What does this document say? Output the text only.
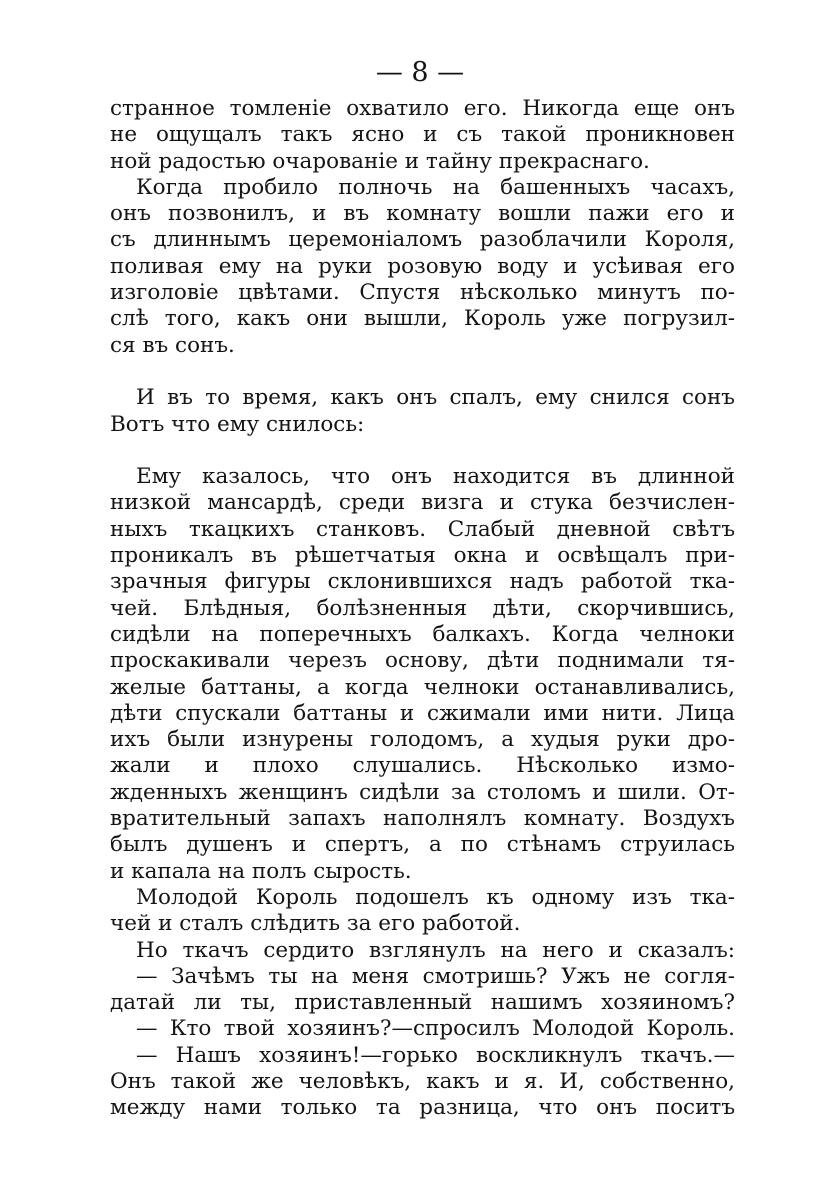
— 8 —
странное томленіе охватило его. Никогда еще онъ
не ощущалъ такъ ясно и съ такой проникновен
ной радостью очарованіе и тайну прекраснаго.
Когда пробило полночь на башенныхъ часахъ,
онъ позвонилъ, и въ комнату вошли пажи его и
съ длиннымъ церемоніаломъ разоблачили Короля,
поливая ему на руки розовую воду и усѣивая его
изголовіе цвѣтами. Спустя нѣсколько минутъ по-
слѣ того, какъ они вышли, Король уже погрузил-
ся въ сонъ.
И въ то время, какъ онъ спалъ, ему снился сонъ
Вотъ что ему снилось:
Ему казалось, что онъ находится въ длинной
низкой мансардѣ, среди визга и стука безчислен-
ныхъ ткацкихъ станковъ. Слабый дневной свѣтъ
проникалъ въ рѣшетчатыя окна и освѣщалъ при-
зрачныя фигуры склонившихся надъ работой тка-
чей. Блѣдныя, болѣзненныя дѣти, скорчившись,
сидѣли на поперечныхъ балкахъ. Когда челноки
проскакивали черезъ основу, дѣти поднимали тя-
желые баттаны, а когда челноки останавливались,
дѣти спускали баттаны и сжимали ими нити. Лица
ихъ были изнурены голодомъ, а худыя руки дро-
жали и плохо слушались. Нѣсколько измо-
жденныхъ женщинъ сидѣли за столомъ и шили. От-
вратительный запахъ наполнялъ комнату. Воздухъ
былъ душенъ и спертъ, а по стѣнамъ струилась
и капала на полъ сырость.
Молодой Король подошелъ къ одному изъ тка-
чей и сталъ слѣдить за его работой.
Но ткачъ сердито взглянулъ на него и сказалъ:
— Зачѣмъ ты на меня смотришь? Ужъ не согля-
датай ли ты, приставленный нашимъ хозяиномъ?
— Кто твой хозяинъ?—спросилъ Молодой Король.
— Нашъ хозяинъ!—горько воскликнулъ ткачъ.—
Онъ такой же человѣкъ, какъ и я. И, собственно,
между нами только та разница, что онъ поситъ
